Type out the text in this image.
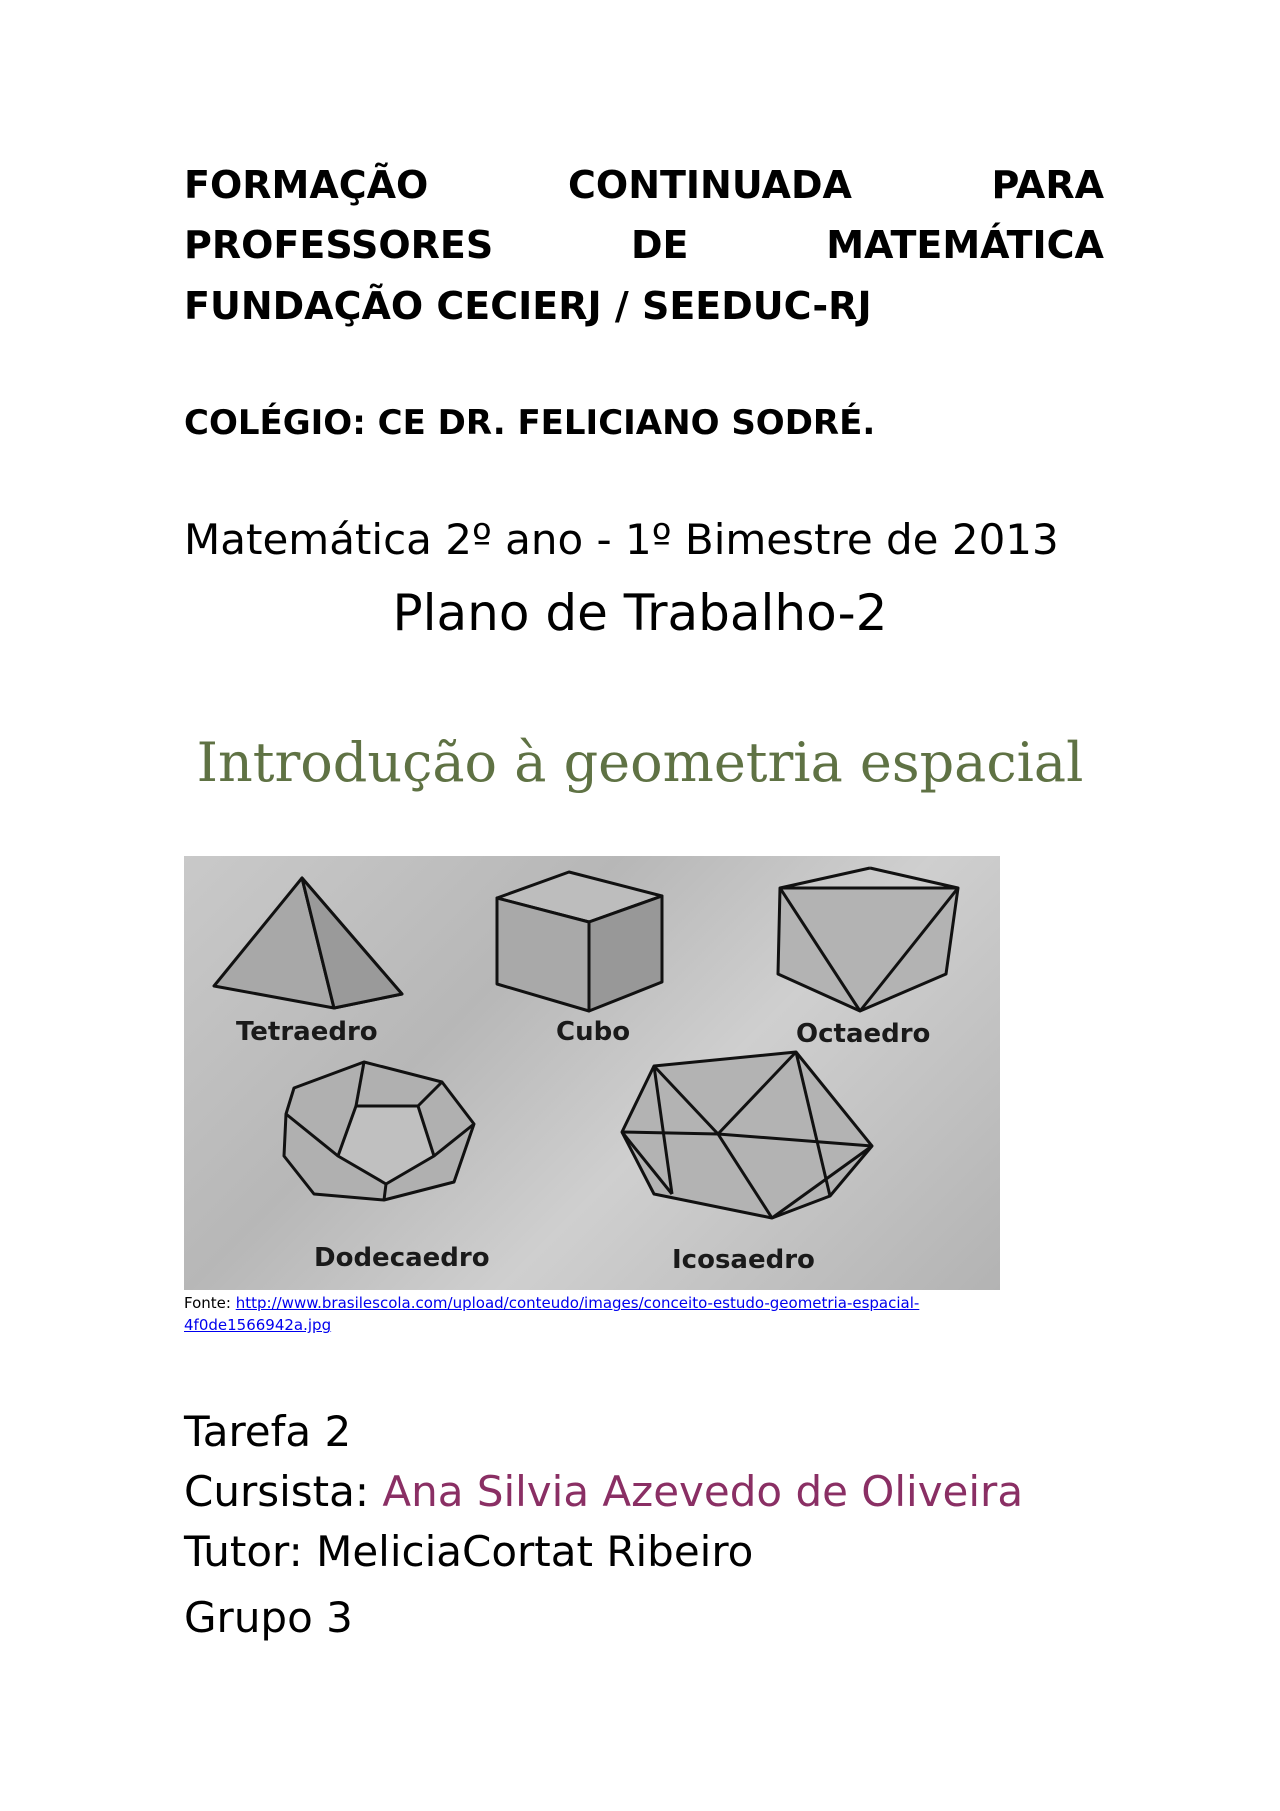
FORMAÇÃO	CONTINUADA	PARA
PROFESSORES	DE	MATEMÁTICA
FUNDAÇÃO CECIERJ / SEEDUC-RJ
COLÉGIO: CE DR. FELICIANO SODRÉ.
Matemática 2º ano - 1º Bimestre de 2013
Plano de Trabalho-2
Introdução à geometria espacial
Tetraedro	Cubo	Octaedro
Dodecaedro	Icosaedro
Fonte: http://www.brasilescola.com/upload/conteudo/images/conceito-estudo-geometria-espacial-4f0de1566942a.jpg
Tarefa 2
Cursista: Ana Silvia Azevedo de Oliveira
Tutor: MeliciaCortat Ribeiro
Grupo 3
